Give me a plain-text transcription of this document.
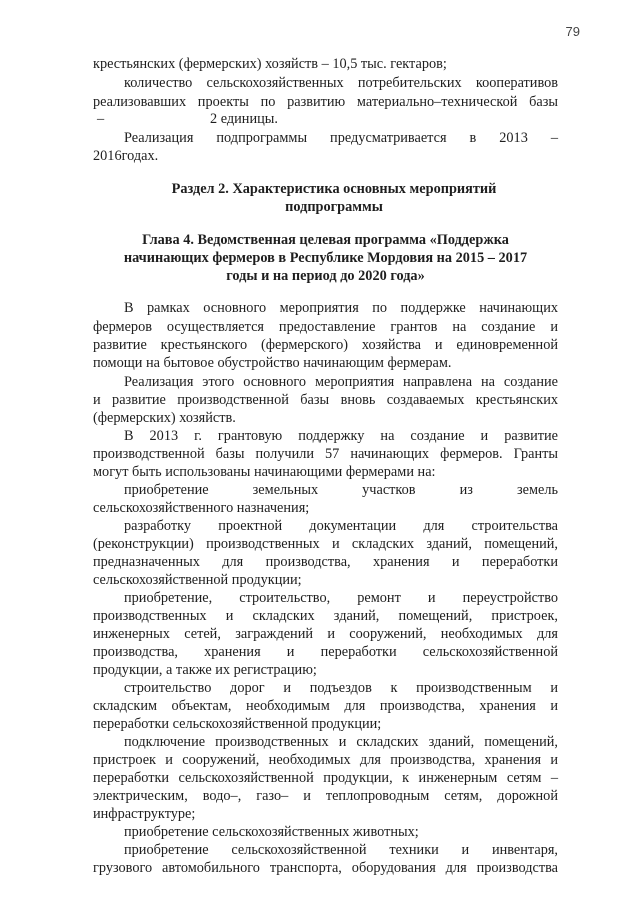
79
крестьянских (фермерских) хозяйств – 10,5 тыс. гектаров;
количество сельскохозяйственных потребительских кооперативов
реализовавших проекты по развитию материально–технической базы
–	2 единицы.
Реализация подпрограммы предусматривается в 2013 –
2016годах.
Раздел 2. Характеристика основных мероприятий
подпрограммы
Глава 4. Ведомственная целевая программа «Поддержка
начинающих фермеров в Республике Мордовия на 2015 – 2017
годы и на период до 2020 года»
В рамках основного мероприятия по поддержке начинающих
фермеров осуществляется предоставление грантов на создание и
развитие крестьянского (фермерского) хозяйства и единовременной
помощи на бытовое обустройство начинающим фермерам.
Реализация этого основного мероприятия направлена на создание
и развитие производственной базы вновь создаваемых крестьянских
(фермерских) хозяйств.
В 2013 г. грантовую поддержку на создание и развитие
производственной базы получили 57 начинающих фермеров. Гранты
могут быть использованы начинающими фермерами на:
приобретение земельных участков из земель
сельскохозяйственного назначения;
разработку проектной документации для строительства
(реконструкции) производственных и складских зданий, помещений,
предназначенных для производства, хранения и переработки
сельскохозяйственной продукции;
приобретение, строительство, ремонт и переустройство
производственных и складских зданий, помещений, пристроек,
инженерных сетей, заграждений и сооружений, необходимых для
производства, хранения и переработки сельскохозяйственной
продукции, а также их регистрацию;
строительство дорог и подъездов к производственным и
складским объектам, необходимым для производства, хранения и
переработки сельскохозяйственной продукции;
подключение производственных и складских зданий, помещений,
пристроек и сооружений, необходимых для производства, хранения и
переработки сельскохозяйственной продукции, к инженерным сетям –
электрическим, водо–, газо– и теплопроводным сетям, дорожной
инфраструктуре;
приобретение сельскохозяйственных животных;
приобретение сельскохозяйственной техники и инвентаря,
грузового автомобильного транспорта, оборудования для производства
